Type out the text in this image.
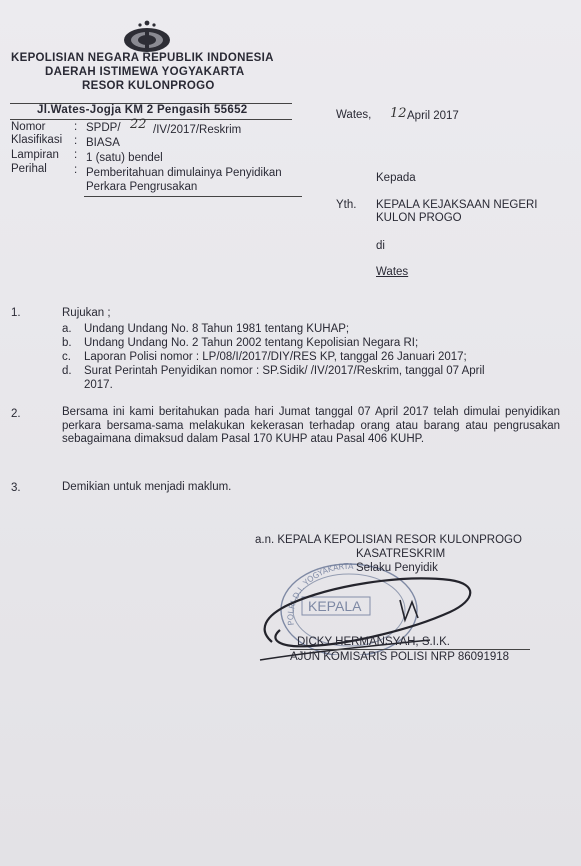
KEPOLISIAN NEGARA REPUBLIK INDONESIA
DAERAH ISTIMEWA YOGYAKARTA
RESOR KULONPROGO
Jl.Wates-Jogja KM 2 Pengasih 55652	Wates, 12 April 2017
Nomor : SPDP/ 22 /IV/2017/Reskrim
Klasifikasi : BIASA
Lampiran : 1 (satu) bendel
Perihal : Pemberitahuan dimulainya Penyidikan
Perkara Pengrusakan
Kepada
Yth. KEPALA KEJAKSAAN NEGERI
KULON PROGO
di
Wates
1.	Rujukan ;
a. Undang Undang No. 8 Tahun 1981 tentang KUHAP;
b. Undang Undang No. 2 Tahun 2002 tentang Kepolisian Negara RI;
c. Laporan Polisi nomor : LP/08/I/2017/DIY/RES KP, tanggal 26 Januari 2017;
d. Surat Perintah Penyidikan nomor : SP.Sidik/ /IV/2017/Reskrim, tanggal 07 April
2017.
2.	Bersama ini kami beritahukan pada hari Jumat tanggal 07 April 2017 telah dimulai penyidikan perkara bersama-sama melakukan kekerasan terhadap orang atau barang atau pengrusakan sebagaimana dimaksud dalam Pasal 170 KUHP atau Pasal 406 KUHP.
3.	Demikian untuk menjadi maklum.
POLRI D.I. YOGYAKARTA
KEPALA
a.n. KEPALA KEPOLISIAN RESOR KULONPROGO
KASATRESKRIM
Selaku Penyidik
DICKY HERMANSYAH, S.I.K.
AJUN KOMISARIS POLISI NRP 86091918
